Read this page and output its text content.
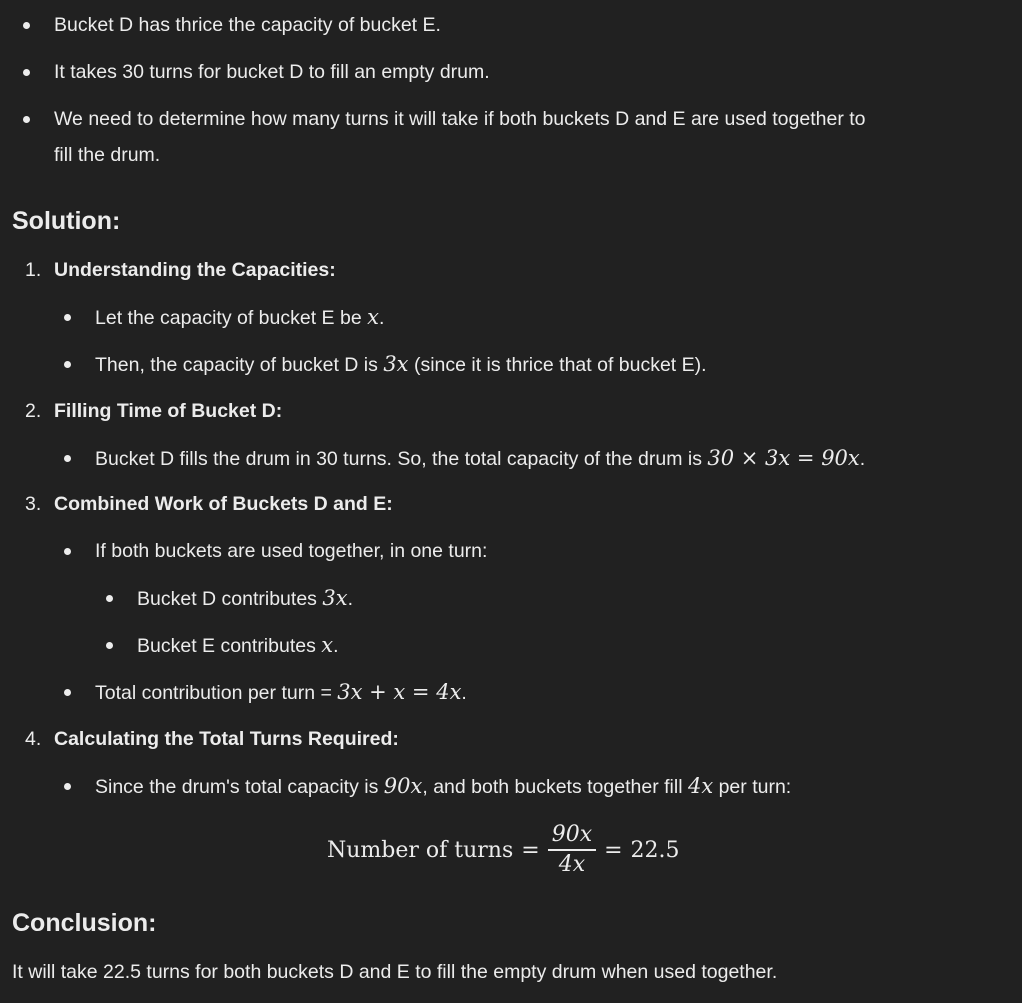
Bucket D has thrice the capacity of bucket E.
It takes 30 turns for bucket D to fill an empty drum.
We need to determine how many turns it will take if both buckets D and E are used together to
fill the drum.
Solution:
1. Understanding the Capacities:
Let the capacity of bucket E be x.
Then, the capacity of bucket D is 3x (since it is thrice that of bucket E).
2. Filling Time of Bucket D:
Bucket D fills the drum in 30 turns. So, the total capacity of the drum is 30 × 3x = 90x.
3. Combined Work of Buckets D and E:
If both buckets are used together, in one turn:
Bucket D contributes 3x.
Bucket E contributes x.
Total contribution per turn = 3x + x = 4x.
4. Calculating the Total Turns Required:
Since the drum's total capacity is 90x, and both buckets together fill 4x per turn:
Number of turns = $\frac{90x}{4x} = 22.5$
Conclusion:
It will take 22.5 turns for both buckets D and E to fill the empty drum when used together.
